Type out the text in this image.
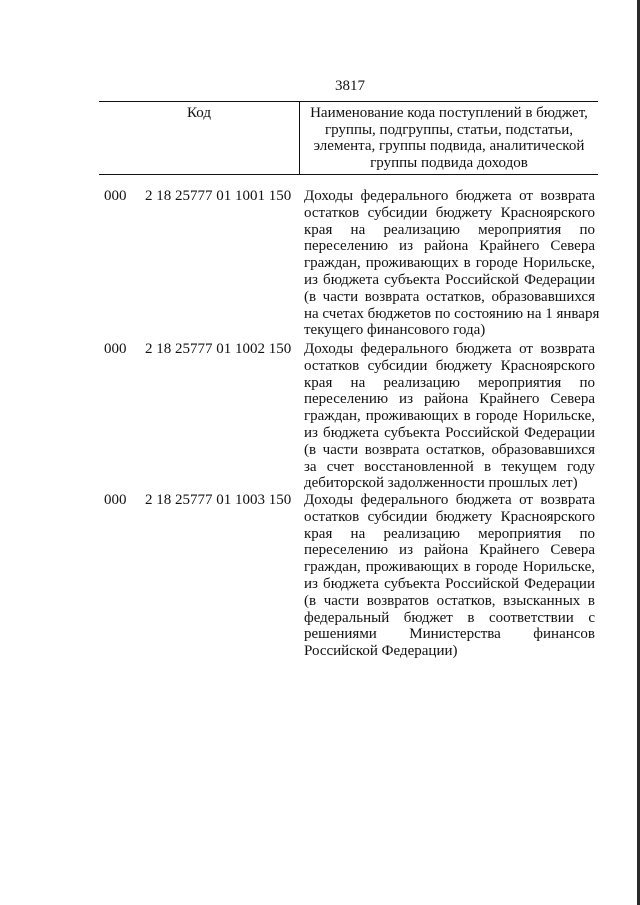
3817
Код	Наименование кода поступлений в бюджет,
группы, подгруппы, статьи, подстатьи,
элемента, группы подвида, аналитической
группы подвида доходов
000 2 18 25777 01 1001 150 Доходы федерального бюджета от возврата
остатков субсидии бюджету Красноярского
края на реализацию мероприятия по
переселению из района Крайнего Севера
граждан, проживающих в городе Норильске,
из бюджета субъекта Российской Федерации
(в части возврата остатков, образовавшихся
на счетах бюджетов по состоянию на 1 января
текущего финансового года)
000 2 18 25777 01 1002 150 Доходы федерального бюджета от возврата
остатков субсидии бюджету Красноярского
края на реализацию мероприятия по
переселению из района Крайнего Севера
граждан, проживающих в городе Норильске,
из бюджета субъекта Российской Федерации
(в части возврата остатков, образовавшихся
за счет восстановленной в текущем году
дебиторской задолженности прошлых лет)
000 2 18 25777 01 1003 150 Доходы федерального бюджета от возврата
остатков субсидии бюджету Красноярского
края на реализацию мероприятия по
переселению из района Крайнего Севера
граждан, проживающих в городе Норильске,
из бюджета субъекта Российской Федерации
(в части возвратов остатков, взысканных в
федеральный бюджет в соответствии с
решениями Министерства финансов
Российской Федерации)
